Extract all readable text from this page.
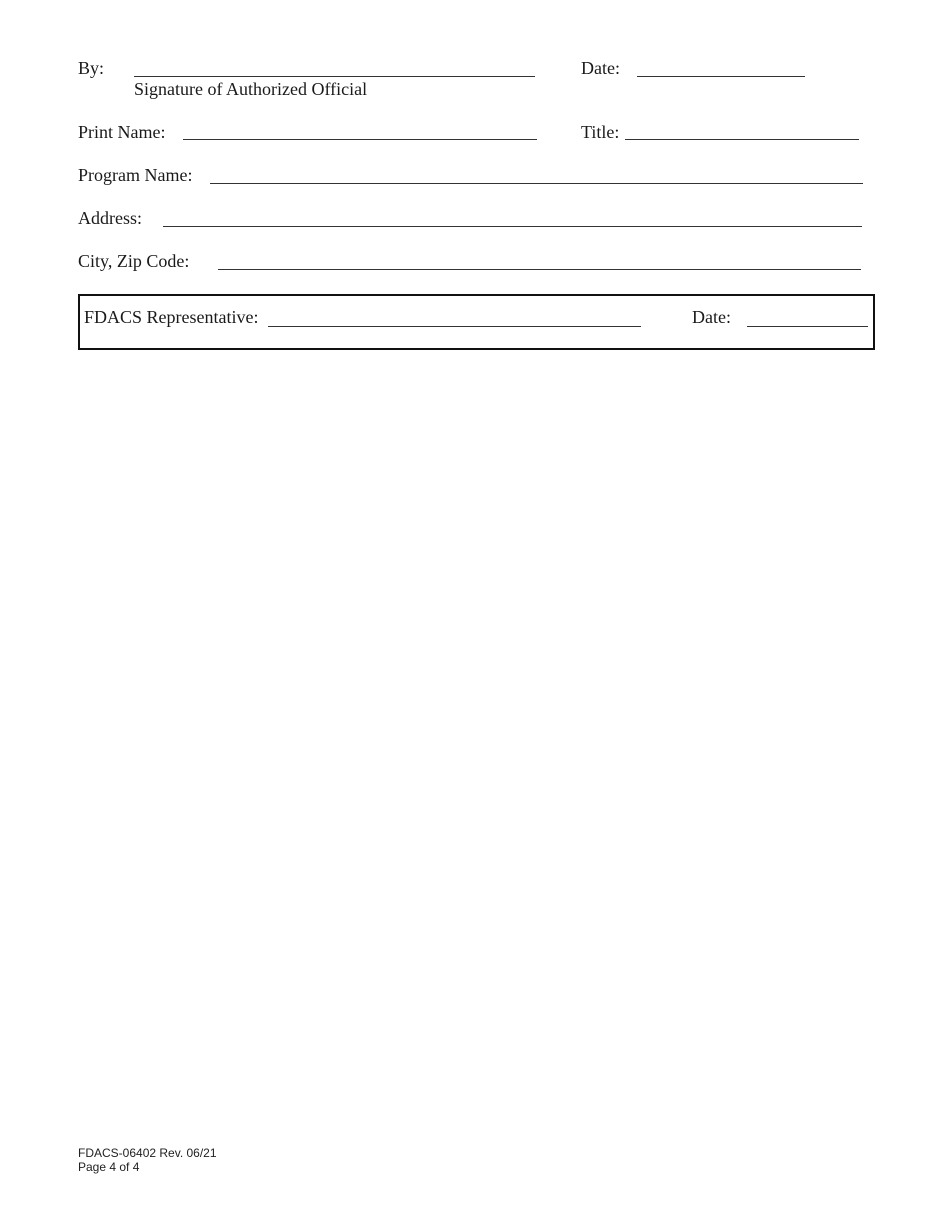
By:
Signature of Authorized Official
Date:
Print Name:	Title:
Program Name:
Address:
City, Zip Code:
FDACS Representative:	Date:
FDACS-06402 Rev. 06/21
Page 4 of 4
